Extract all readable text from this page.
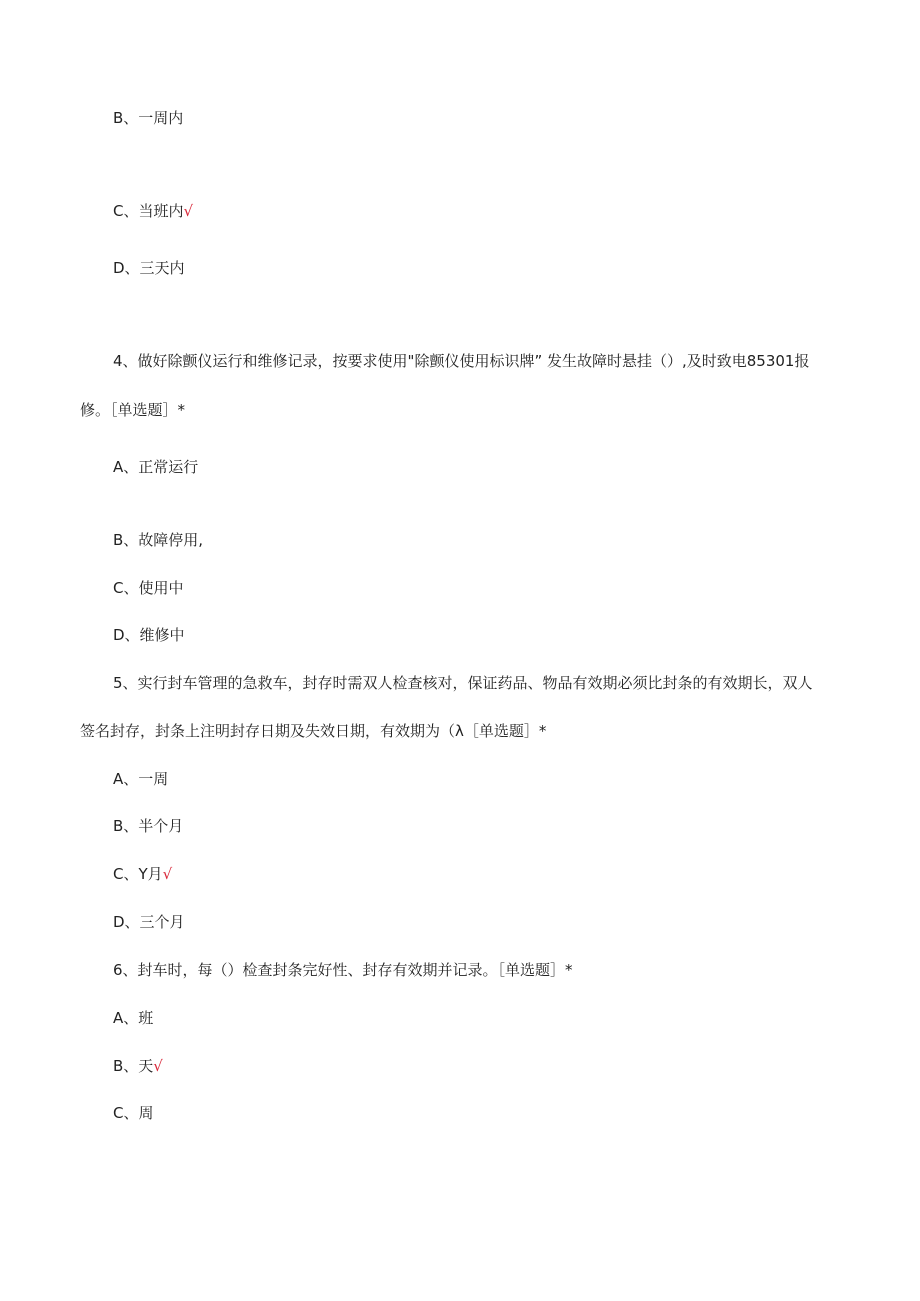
B、一周内
C、当班内√
D、三天内
4、做好除颤仪运行和维修记录，按要求使用"除颤仪使用标识牌” 发生故障时悬挂（）,及时致电85301报
修。［单选题］*
A、正常运行
B、故障停用,
C、使用中
D、维修中
5、实行封车管理的急救车，封存时需双人检查核对，保证药品、物品有效期必须比封条的有效期长，双人
签名封存，封条上注明封存日期及失效日期，有效期为（λ［单选题］*
A、一周
B、半个月
C、Y月√
D、三个月
6、封车时，每（）检查封条完好性、封存有效期并记录。［单选题］*
A、班
B、天√
C、周
